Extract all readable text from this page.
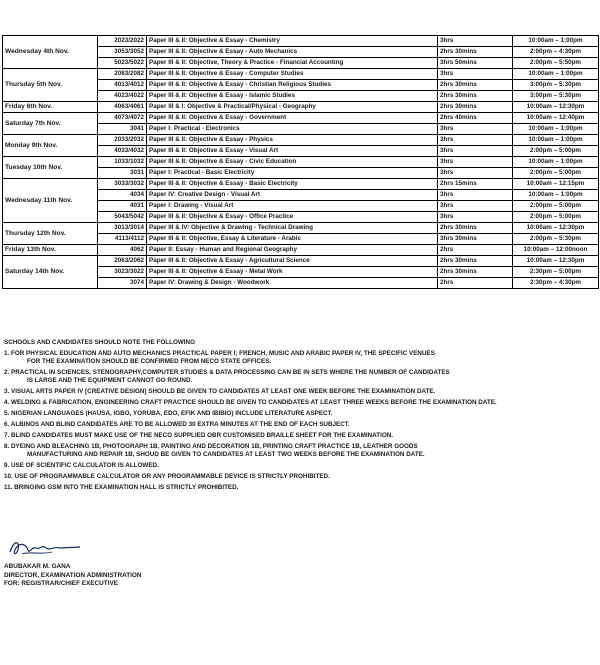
Wednesday 4th Nov.	2023/2022	Paper III & II: Objective & Essay - Chemistry	3hrs	10:00am – 1:00pm
	3053/3052	Paper III & II: Objective & Essay - Auto Mechanics	2hrs 30mins	2:00pm – 4:30pm
	5023/5022	Paper III & II: Objective, Theory & Practice - Financial Accounting	3hrs 50mins	2:00pm – 5:50pm
Thursday 5th Nov.	2083/2082	Paper III & II: Objective & Essay - Computer Studies	3hrs	10:00am – 1:00pm
	4013/4012	Paper III & II: Objective & Essay - Christian Religious Studies	2hrs 30mins	3:00pm – 5:30pm
	4023/4022	Paper III & II: Objective & Essay - Islamic Studies	2hrs 30mins	3:00pm – 5:30pm
Friday 6th Nov.	4063/4061	Paper III & I: Objective & Practical/Physical - Geography	2hrs 30mins	10:00am – 12:30pm
Saturday 7th Nov.	4073/4072	Paper III & II: Objective & Essay - Government	2hrs 40mins	10:00am – 12:40pm
	3041	Paper I: Practical - Electronics	3hrs	10:00am – 1:00pm
Monday 9th Nov.	2033/2032	Paper III & II: Objective & Essay - Physics	3hrs	10:00am – 1:00pm
	4033/4032	Paper III & II: Objective & Essay - Visual Art	3hrs	2:00pm – 5:00pm
Tuesday 10th Nov.	1033/1032	Paper III & II: Objective & Essay - Civic Education	3hrs	10:00am – 1:00pm
	3031	Paper I: Practical - Basic Electricity	3hrs	2:00pm – 5:00pm
Wednesday 11th Nov.	3033/3032	Paper III & II: Objective & Essay - Basic Electricity	2hrs 15mins	10:00am – 12:15pm
	4034	Paper IV: Creative Design - Visual Art	3hrs	10:00am – 1:00pm
	4031	Paper I: Drawing - Visual Art	3hrs	2:00pm – 5:00pm
	5043/5042	Paper III & II: Objective & Essay - Office Practice	3hrs	2:00pm – 5:00pm
Thursday 12th Nov.	3013/3014	Paper III & IV: Objective & Drawing - Technical Drawing	2hrs 30mins	10:00am – 12:30pm
	4113/4112	Paper III & II: Objective, Essay & Literature - Arabic	3hrs 30mins	2:00pm – 5:30pm
Friday 13th Nov.	4062	Paper II: Essay - Human and Regional Geography	2hrs	10:00am – 12:00noon
Saturday 14th Nov.	2063/2062	Paper III & II: Objective & Essay - Agricultural Science	2hrs 30mins	10:00am – 12:30pm
	3023/3022	Paper III & II: Objective & Essay - Metal Work	2hrs 30mins	2:30pm – 5:00pm
	3074	Paper IV: Drawing & Design - Woodwork	2hrs	2:30pm – 4:30pm
SCHOOLS AND CANDIDATES SHOULD NOTE THE FOLLOWING
1. FOR PHYSICAL EDUCATION AND AUTO MECHANICS PRACTICAL PAPER I; FRENCH, MUSIC AND ARABIC PAPER IV, THE SPECIFIC VENUES
FOR THE EXAMINATION SHOULD BE CONFIRMED FROM NECO STATE OFFICES.
2. PRACTICAL IN SCIENCES, STENOGRAPHY,COMPUTER STUDIES & DATA PROCESSING CAN BE IN SETS WHERE THE NUMBER OF CANDIDATES
IS LARGE AND THE EQUIPMENT CANNOT GO ROUND.
3. VISUAL ARTS PAPER IV [CREATIVE DESIGN] SHOULD BE GIVEN TO CANDIDATES AT LEAST ONE WEEK BEFORE THE EXAMINATION DATE.
4. WELDING & FABRICATION, ENGINEERING CRAFT PRACTICE SHOULD BE GIVEN TO CANDIDATES AT LEAST THREE WEEKS BEFORE THE EXAMINATION DATE.
5. NIGERIAN LANGUAGES (HAUSA, IGBO, YORUBA, EDO, EFIK AND IBIBIO) INCLUDE LITERATURE ASPECT.
6. ALBINOS AND BLIND CANDIDATES ARE TO BE ALLOWED 30 EXTRA MINUTES AT THE END OF EACH SUBJECT.
7. BLIND CANDIDATES MUST MAKE USE OF THE NECO SUPPLIED OBR CUSTOMISED BRAILLE SHEET FOR THE EXAMINATION.
8. DYEING AND BLEACHING 1B, PHOTOGRAPH 1B, PAINTING AND DECORATION 1B, PRINTING CRAFT PRACTICE 1B, LEATHER GOODS
MANUFACTURING AND REPAIR 1B, SHOUD BE GIVEN TO CANDIDATES AT LEAST TWO WEEKS BEFORE THE EXAMINATION DATE.
9. USE OF SCIENTIFIC CALCULATOR IS ALLOWED.
10. USE OF PROGRAMMABLE CALCULATOR OR ANY PROGRAMMABLE DEVICE IS STRICTLY PROHIBITED.
11. BRINGING GSM INTO THE EXAMINATION HALL IS STRICTLY PROHIBITED.
ABUBAKAR M. GANA
DIRECTOR, EXAMINATION ADMINISTRATION
FOR: REGISTRAR/CHIEF EXECUTIVE
